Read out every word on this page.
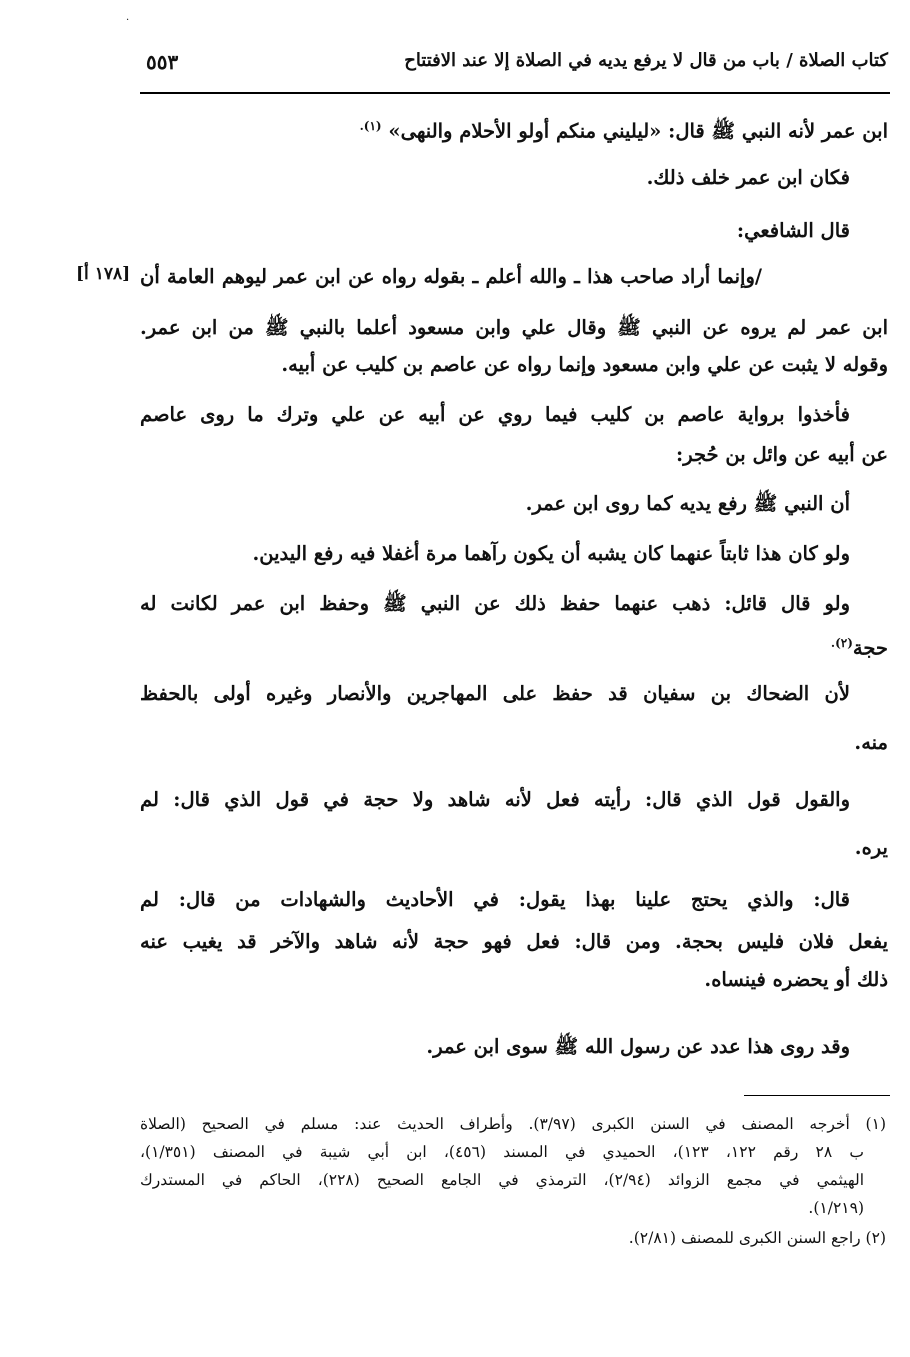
.
كتاب الصلاة / باب من قال لا يرفع يديه في الصلاة إلا عند الافتتاح
٥٥٣
ابن عمر لأنه النبي ﷺ قال: «ليليني منكم أولو الأحلام والنهى» $^{(١).}$
فكان ابن عمر خلف ذلك.
قال الشافعي:
[١٧٨ أ] /وإنما أراد صاحب هذا ـ والله أعلم ـ بقوله رواه عن ابن عمر ليوهم العامة أن
ابن عمر لم يروه عن النبي ﷺ وقال علي وابن مسعود أعلما بالنبي ﷺ من ابن عمر.
وقوله لا يثبت عن علي وابن مسعود وإنما رواه عن عاصم بن كليب عن أبيه.
فأخذوا برواية عاصم بن كليب فيما روي عن أبيه عن علي وترك ما روى عاصم
عن أبيه عن وائل بن حُجر:
أن النبي ﷺ رفع يديه كما روى ابن عمر.
ولو كان هذا ثابتاً عنهما كان يشبه أن يكون رآهما مرة أغفلا فيه رفع اليدين.
ولو قال قائل: ذهب عنهما حفظ ذلك عن النبي ﷺ وحفظ ابن عمر لكانت له
حجة$^{(٢).}$
لأن الضحاك بن سفيان قد حفظ على المهاجرين والأنصار وغيره أولى بالحفظ
منه.
والقول قول الذي قال: رأيته فعل لأنه شاهد ولا حجة في قول الذي قال: لم
يره.
قال: والذي يحتج علينا بهذا يقول: في الأحاديث والشهادات من قال: لم
يفعل فلان فليس بحجة. ومن قال: فعل فهو حجة لأنه شاهد والآخر قد يغيب عنه
ذلك أو يحضره فينساه.
وقد روى هذا عدد عن رسول الله ﷺ سوى ابن عمر.
(١) أخرجه المصنف في السنن الكبرى (٣/٩٧). وأطراف الحديث عند: مسلم في الصحيح (الصلاة
ب ٢٨ رقم ١٢٢، ١٢٣)، الحميدي في المسند (٤٥٦)، ابن أبي شيبة في المصنف (١/٣٥١)،
الهيثمي في مجمع الزوائد (٢/٩٤)، الترمذي في الجامع الصحيح (٢٢٨)، الحاكم في المستدرك
(١/٢١٩).
(٢) راجع السنن الكبرى للمصنف (٢/٨١).
